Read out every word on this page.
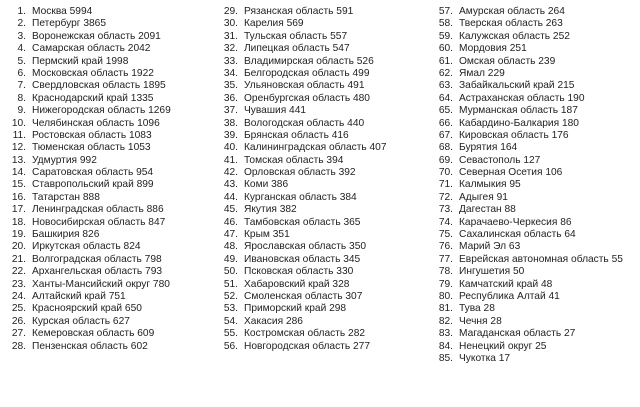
1. Москва 5994
2. Петербург 3865
3. Воронежская область 2091
4. Самарская область 2042
5. Пермский край 1998
6. Московская область 1922
7. Свердловская область 1895
8. Краснодарский край 1335
9. Нижегородская область 1269
10. Челябинская область 1096
11. Ростовская область 1083
12. Тюменская область 1053
13. Удмуртия 992
14. Саратовская область 954
15. Ставропольский край 899
16. Татарстан 888
17. Ленинградская область 886
18. Новосибирская область 847
19. Башкирия 826
20. Иркутская область 824
21. Волгоградская область 798
22. Архангельская область 793
23. Ханты-Мансийский округ 780
24. Алтайский край 751
25. Красноярский край 650
26. Курская область 627
27. Кемеровская область 609
28. Пензенская область 602
29. Рязанская область 591
30. Карелия 569
31. Тульская область 557
32. Липецкая область 547
33. Владимирская область 526
34. Белгородская область 499
35. Ульяновская область 491
36. Оренбургская область 480
37. Чувашия 441
38. Вологодская область 440
39. Брянская область 416
40. Калининградская область 407
41. Томская область 394
42. Орловская область 392
43. Коми 386
44. Курганская область 384
45. Якутия 382
46. Тамбовская область 365
47. Крым 351
48. Ярославская область 350
49. Ивановская область 345
50. Псковская область 330
51. Хабаровский край 328
52. Смоленская область 307
53. Приморский край 298
54. Хакасия 286
55. Костромская область 282
56. Новгородская область 277
57. Амурская область 264
58. Тверская область 263
59. Калужская область 252
60. Мордовия 251
61. Омская область 239
62. Ямал 229
63. Забайкальский край 215
64. Астраханская область 190
65. Мурманская область 187
66. Кабардино-Балкария 180
67. Кировская область 176
68. Бурятия 164
69. Севастополь 127
70. Северная Осетия 106
71. Калмыкия 95
72. Адыгея 91
73. Дагестан 88
74. Карачаево-Черкесия 86
75. Сахалинская область 64
76. Марий Эл 63
77. Еврейская автономная область 55
78. Ингушетия 50
79. Камчатский край 48
80. Республика Алтай 41
81. Тува 28
82. Чечня 28
83. Магаданская область 27
84. Ненецкий округ 25
85. Чукотка 17
